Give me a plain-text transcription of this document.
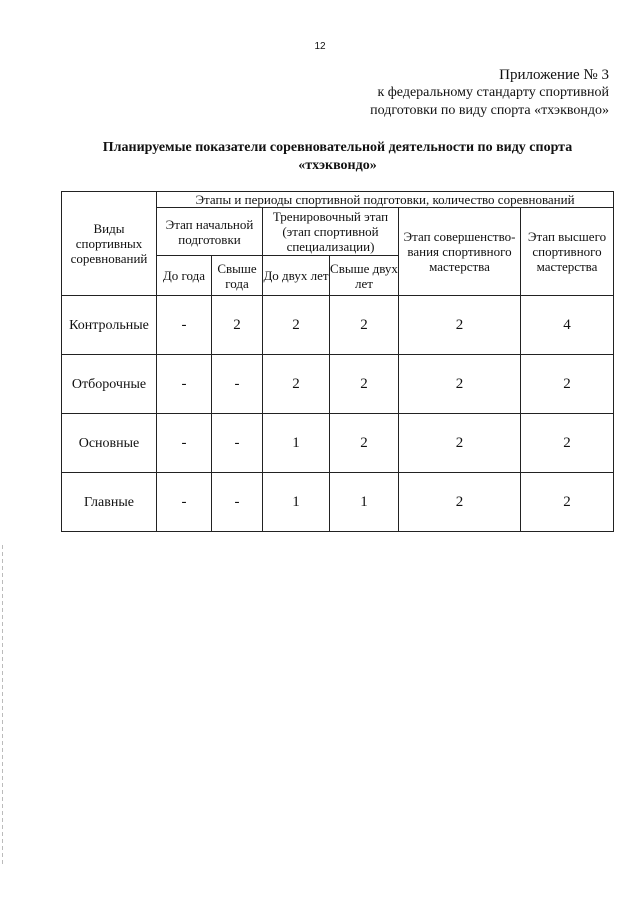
12
Приложение № 3
к федеральному стандарту спортивной
подготовки по виду спорта «тхэквондо»
Планируемые показатели соревновательной деятельности по виду спорта
«тхэквондо»
Виды спортивных соревнований	Этапы и периоды спортивной подготовки, количество соревнований					
	Этап начальной подготовки		Тренировочный этап (этап спортивной специализации)		Этап совершенство-вания спортивного мастерства	Этап высшего спортивного мастерства
	До года	Свыше года	До двух лет	Свыше двух лет		
Контрольные	-	2	2	2	2	4
Отборочные	-	-	2	2	2	2
Основные	-	-	1	2	2	2
Главные	-	-	1	1	2	2
